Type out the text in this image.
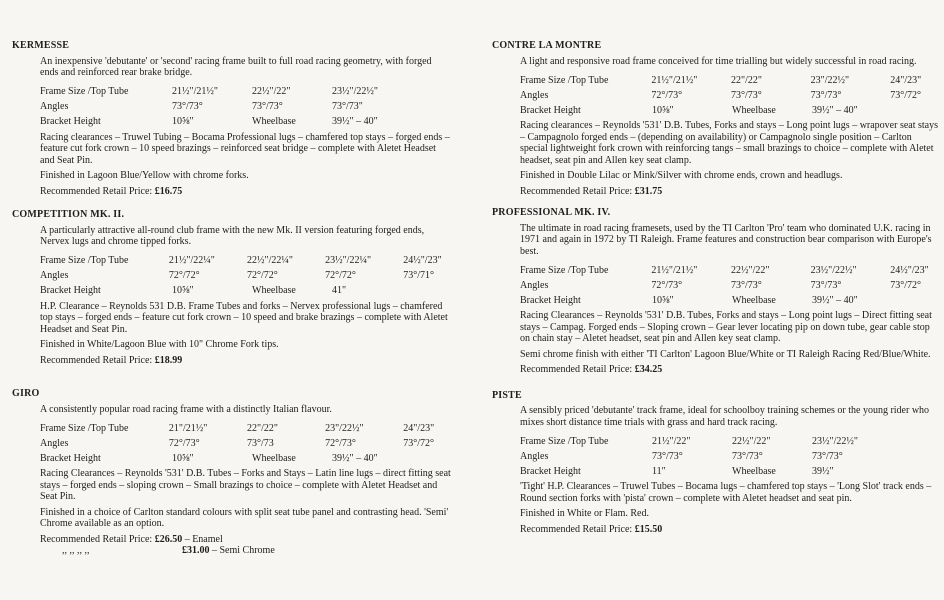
KERMESSE

An inexpensive 'debutante' or 'second' racing frame built to full road racing geometry, with forged ends and reinforced rear brake bridge.

Frame Size /Top Tube	21½"/21½"	22½"/22"	23½"/22½"
Angles	73°/73°	73°/73°	73°/73"
Bracket Height	10⅝"	Wheelbase	39½" – 40"

Racing clearances – Truwel Tubing – Bocama Professional lugs – chamfered top stays – forged ends – feature cut fork crown – 10 speed brazings – reinforced seat bridge – complete with Aletet Headset and Seat Pin.

Finished in Lagoon Blue/Yellow with chrome forks.

Recommended Retail Price: £16.75
COMPETITION MK. II.

A particularly attractive all-round club frame with the new Mk. II version featuring forged ends, Nervex lugs and chrome tipped forks.

Frame Size /Top Tube	21½"/22¼"	22½"/22¼"	23½"/22¼"	24½"/23"
Angles	72°/72°	72°/72°	72°/72°	73°/71°
Bracket Height	10⅝"	Wheelbase	41"

H.P. Clearance – Reynolds 531 D.B. Frame Tubes and forks – Nervex professional lugs – chamfered top stays – forged ends – feature cut fork crown – 10 speed and brake brazings – complete with Aletet Headset and Seat Pin.

Finished in White/Lagoon Blue with 10" Chrome Fork tips.

Recommended Retail Price: £18.99
GIRO

A consistently popular road racing frame with a distinctly Italian flavour.

Frame Size /Top Tube	21"/21½"	22"/22"	23"/22½"	24"/23"
Angles	72°/73°	73°/73	72°/73°	73°/72°
Bracket Height	10⅝"	Wheelbase	39½" – 40"

Racing Clearances – Reynolds '531' D.B. Tubes – Forks and Stays – Latin line lugs – direct fitting seat stays – forged ends – sloping crown – Small brazings to choice – complete with Aletet Headset and Seat Pin.

Finished in a choice of Carlton standard colours with split seat tube panel and contrasting head. 'Semi' Chrome available as an option.

Recommended Retail Price: £26.50 – Enamel
,, ,, ,, ,,	£31.00
– Semi Chrome
CONTRE LA MONTRE

A light and responsive road frame conceived for time trialling but widely successful in road racing.

Frame Size /Top Tube	21½"/21½"	22"/22"	23"/22½"	24"/23"
Angles	72°/73°	73°/73°	73°/73°	73°/72°
Bracket Height	10⅝"	Wheelbase	39½" – 40"

Racing clearances – Reynolds '531' D.B. Tubes, Forks and stays – Long point lugs – wrapover seat stays – Campagnolo forged ends – (depending on availability) or Campagnolo single position – Carlton special lightweight fork crown with reinforcing tangs – small brazings to choice – complete with Aletet headset, seat pin and Allen key seat clamp.

Finished in Double Lilac or Mink/Silver with chrome ends, crown and headlugs.

Recommended Retail Price: £31.75
PROFESSIONAL MK. IV.

The ultimate in road racing framesets, used by the TI Carlton 'Pro' team who dominated U.K. racing in 1971 and again in 1972 by TI Raleigh. Frame features and construction bear comparison with Europe's best.

Frame Size /Top Tube	21½"/21½"	22½"/22"	23½"/22½"	24½"/23"
Angles	72°/73°	73°/73°	73°/73°	73°/72°
Bracket Height	10⅝"	Wheelbase	39½" – 40"

Racing Clearances – Reynolds '531' D.B. Tubes, Forks and stays – Long point lugs – Direct fitting seat stays – Campag. Forged ends – Sloping crown – Gear lever locating pip on down tube, gear cable stop on chain stay – Aletet headset, seat pin and Allen key seat clamp.

Semi chrome finish with either 'TI Carlton' Lagoon Blue/White or TI Raleigh Racing Red/Blue/White.

Recommended Retail Price: £34.25
PISTE

A sensibly priced 'debutante' track frame, ideal for schoolboy training schemes or the young rider who mixes short distance time trials with grass and hard track racing.

Frame Size /Top Tube	21½"/22"	22½"/22"	23½"/22½"
Angles	73°/73°	73°/73°	73°/73°
Bracket Height	11"	Wheelbase	39½"

'Tight' H.P. Clearances – Truwel Tubes – Bocama lugs – chamfered top stays – 'Long Slot' track ends – Round section forks with 'pista' crown – complete with Aletet headset and seat pin.

Finished in White or Flam. Red.

Recommended Retail Price: £15.50
